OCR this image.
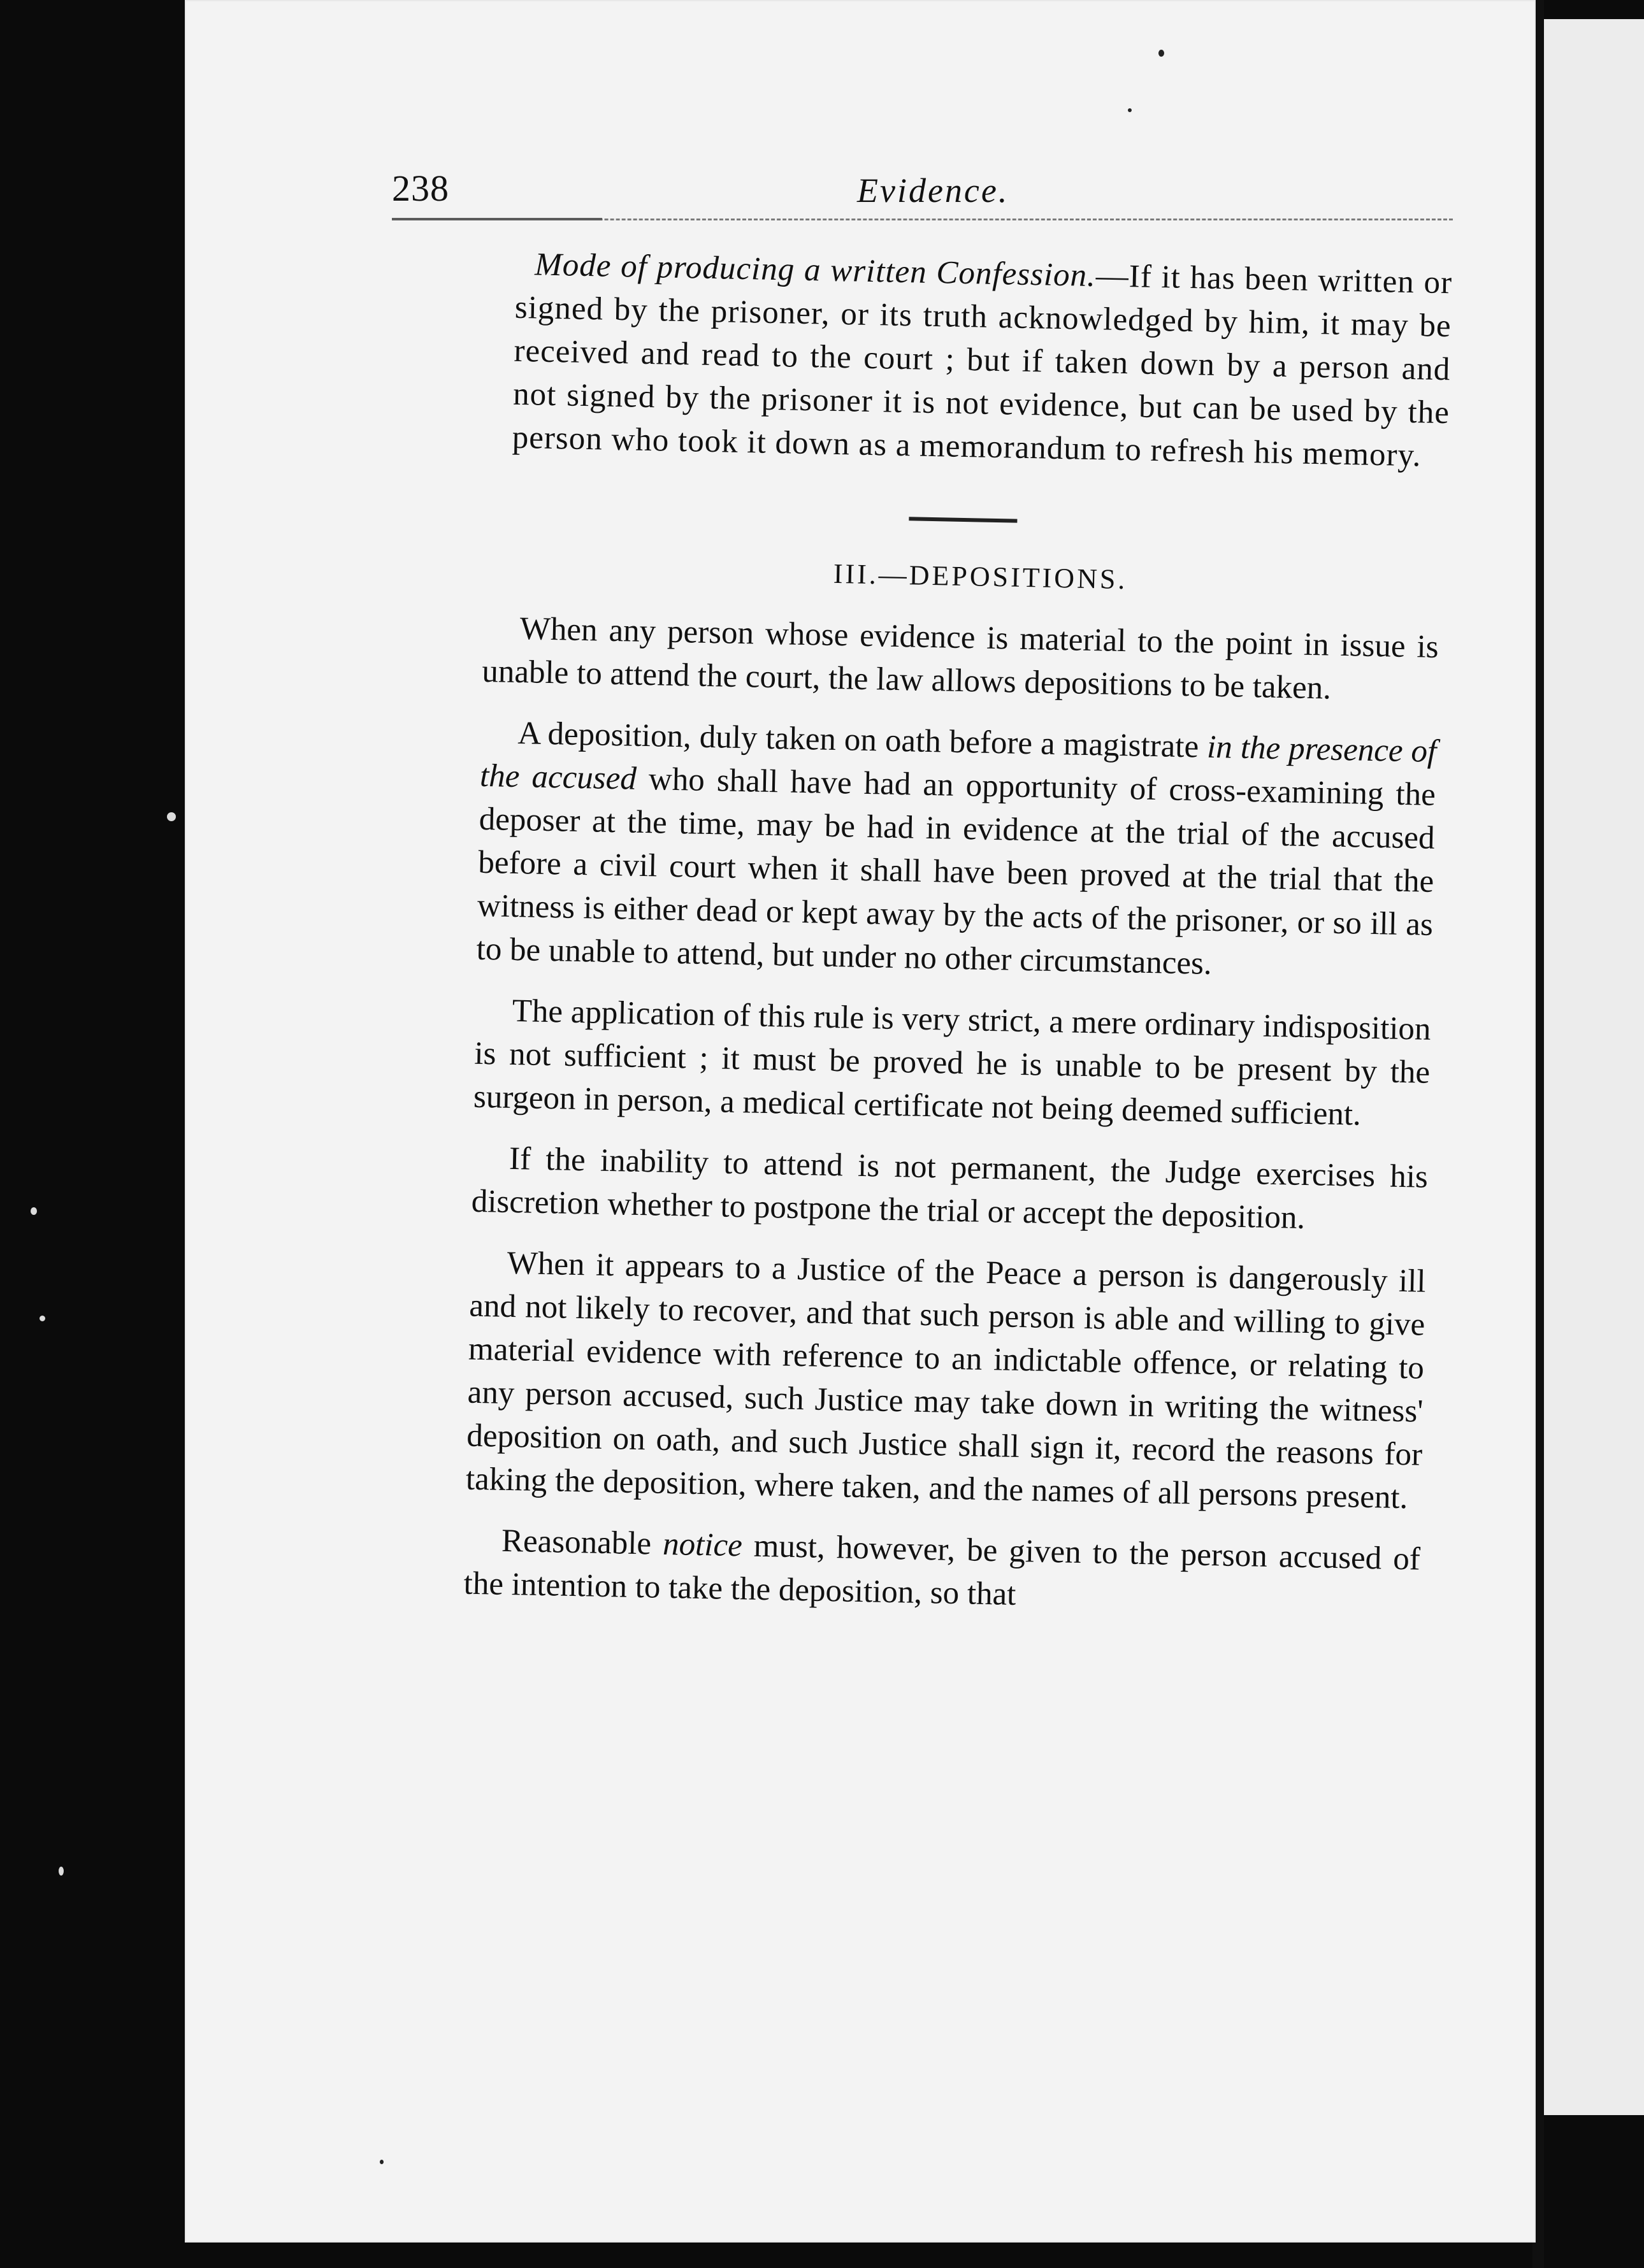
238	Evidence.

Mode of producing a written Confession.—If it has been written or signed by the prisoner, or its truth acknowledged by him, it may be received and read to the court ; but if taken down by a person and not signed by the prisoner it is not evidence, but can be used by the person who took it down as a memorandum to refresh his memory.

III.—DEPOSITIONS.

When any person whose evidence is material to the point in issue is unable to attend the court, the law allows depositions to be taken.

A deposition, duly taken on oath before a magistrate in the presence of the accused who shall have had an opportunity of cross-examining the deposer at the time, may be had in evidence at the trial of the accused before a civil court when it shall have been proved at the trial that the witness is either dead or kept away by the acts of the prisoner, or so ill as to be unable to attend, but under no other circumstances.

The application of this rule is very strict, a mere ordinary indisposition is not sufficient ; it must be proved he is unable to be present by the surgeon in person, a medical certificate not being deemed sufficient.

If the inability to attend is not permanent, the Judge exercises his discretion whether to postpone the trial or accept the deposition.

When it appears to a Justice of the Peace a person is dangerously ill and not likely to recover, and that such person is able and willing to give material evidence with reference to an indictable offence, or relating to any person accused, such Justice may take down in writing the witness' deposition on oath, and such Justice shall sign it, record the reasons for taking the deposition, where taken, and the names of all persons present.

Reasonable notice must, however, be given to the person accused of the intention to take the deposition, so that
